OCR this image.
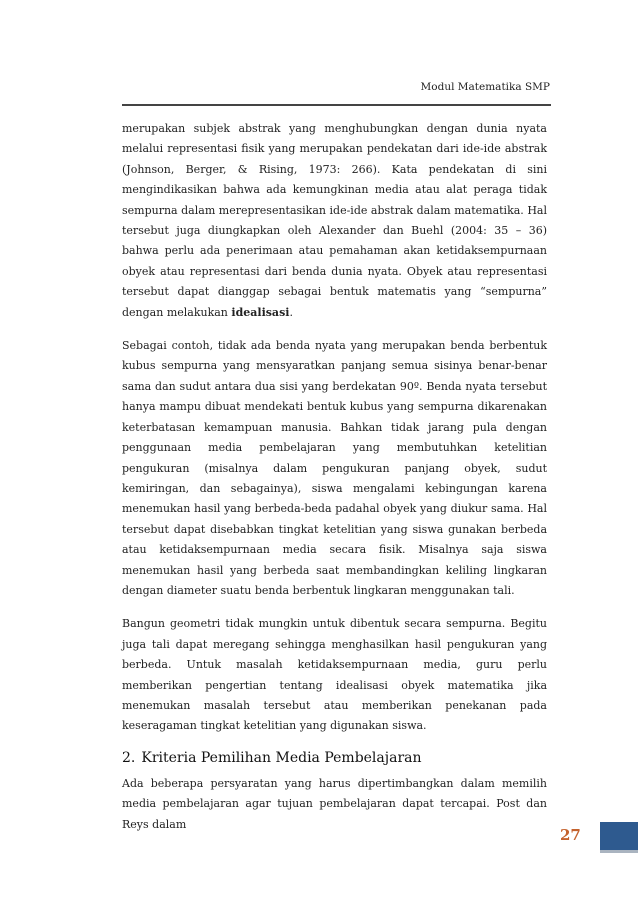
Modul Matematika SMP

merupakan subjek abstrak yang menghubungkan dengan dunia nyata melalui representasi fisik yang merupakan pendekatan dari ide-ide abstrak (Johnson, Berger, & Rising, 1973: 266). Kata pendekatan di sini mengindikasikan bahwa ada kemungkinan media atau alat peraga tidak sempurna dalam merepresentasikan ide-ide abstrak dalam matematika. Hal tersebut juga diungkapkan oleh Alexander dan Buehl (2004: 35 – 36) bahwa perlu ada penerimaan atau pemahaman akan ketidaksempurnaan obyek atau representasi dari benda dunia nyata. Obyek atau representasi tersebut dapat dianggap sebagai bentuk matematis yang “sempurna” dengan melakukan idealisasi.

Sebagai contoh, tidak ada benda nyata yang merupakan benda berbentuk kubus sempurna yang mensyaratkan panjang semua sisinya benar-benar sama dan sudut antara dua sisi yang berdekatan 90º. Benda nyata tersebut hanya mampu dibuat mendekati bentuk kubus yang sempurna dikarenakan keterbatasan kemampuan manusia. Bahkan tidak jarang pula dengan penggunaan media pembelajaran yang membutuhkan ketelitian pengukuran (misalnya dalam pengukuran panjang obyek, sudut kemiringan, dan sebagainya), siswa mengalami kebingungan karena menemukan hasil yang berbeda-beda padahal obyek yang diukur sama. Hal tersebut dapat disebabkan tingkat ketelitian yang siswa gunakan berbeda atau ketidaksempurnaan media secara fisik. Misalnya saja siswa menemukan hasil yang berbeda saat membandingkan keliling lingkaran dengan diameter suatu benda berbentuk lingkaran menggunakan tali.

Bangun geometri tidak mungkin untuk dibentuk secara sempurna. Begitu juga tali dapat meregang sehingga menghasilkan hasil pengukuran yang berbeda. Untuk masalah ketidaksempurnaan media, guru perlu memberikan pengertian tentang idealisasi obyek matematika jika menemukan masalah tersebut atau memberikan penekanan pada keseragaman tingkat ketelitian yang digunakan siswa.

2. Kriteria Pemilihan Media Pembelajaran

Ada beberapa persyaratan yang harus dipertimbangkan dalam memilih media pembelajaran agar tujuan pembelajaran dapat tercapai. Post dan Reys dalam

27
